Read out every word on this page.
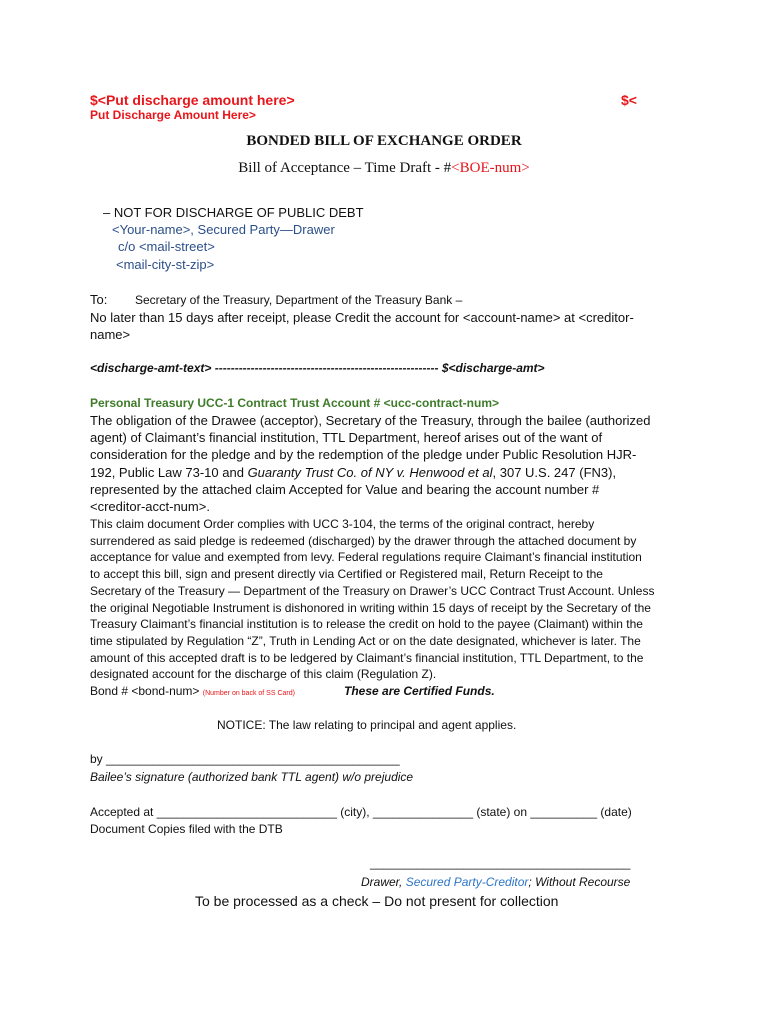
$<Put discharge amount here>	$<
Put Discharge Amount Here>
BONDED BILL OF EXCHANGE ORDER
Bill of Acceptance – Time Draft - #<BOE-num>
– NOT FOR DISCHARGE OF PUBLIC DEBT
<Your-name>, Secured Party—Drawer
c/o <mail-street>
<mail-city-st-zip>
To: Secretary of the Treasury, Department of the Treasury Bank –
No later than 15 days after receipt, please Credit the account for <account-name> at <creditor-
name>
<discharge-amt-text> -------------------------------------------------------- $<discharge-amt>
Personal Treasury UCC-1 Contract Trust Account # <ucc-contract-num>
The obligation of the Drawee (acceptor), Secretary of the Treasury, through the bailee (authorized agent) of Claimant’s financial institution, TTL Department, hereof arises out of the want of consideration for the pledge and by the redemption of the pledge under Public Resolution HJR-192, Public Law 73-10 and Guaranty Trust Co. of NY v. Henwood et al, 307 U.S. 247 (FN3), represented by the attached claim Accepted for Value and bearing the account number # <creditor-acct-num>.
This claim document Order complies with UCC 3-104, the terms of the original contract, hereby surrendered as said pledge is redeemed (discharged) by the drawer through the attached document by acceptance for value and exempted from levy. Federal regulations require Claimant’s financial institution to accept this bill, sign and present directly via Certified or Registered mail, Return Receipt to the Secretary of the Treasury — Department of the Treasury on Drawer’s UCC Contract Trust Account. Unless the original Negotiable Instrument is dishonored in writing within 15 days of receipt by the Secretary of the Treasury Claimant’s financial institution is to release the credit on hold to the payee (Claimant) within the time stipulated by Regulation “Z”, Truth in Lending Act or on the date designated, whichever is later. The amount of this accepted draft is to be ledgered by Claimant’s financial institution, TTL Department, to the designated account for the discharge of this claim (Regulation Z).
Bond # <bond-num> (Number on back of SS Card)	These are Certified Funds.
NOTICE: The law relating to principal and agent applies.
by ____________________________________________
Bailee’s signature (authorized bank TTL agent) w/o prejudice
Accepted at ___________________________ (city), _______________ (state) on __________ (date)
Document Copies filed with the DTB
_______________________________________
Drawer, Secured Party-Creditor; Without Recourse
To be processed as a check – Do not present for collection
